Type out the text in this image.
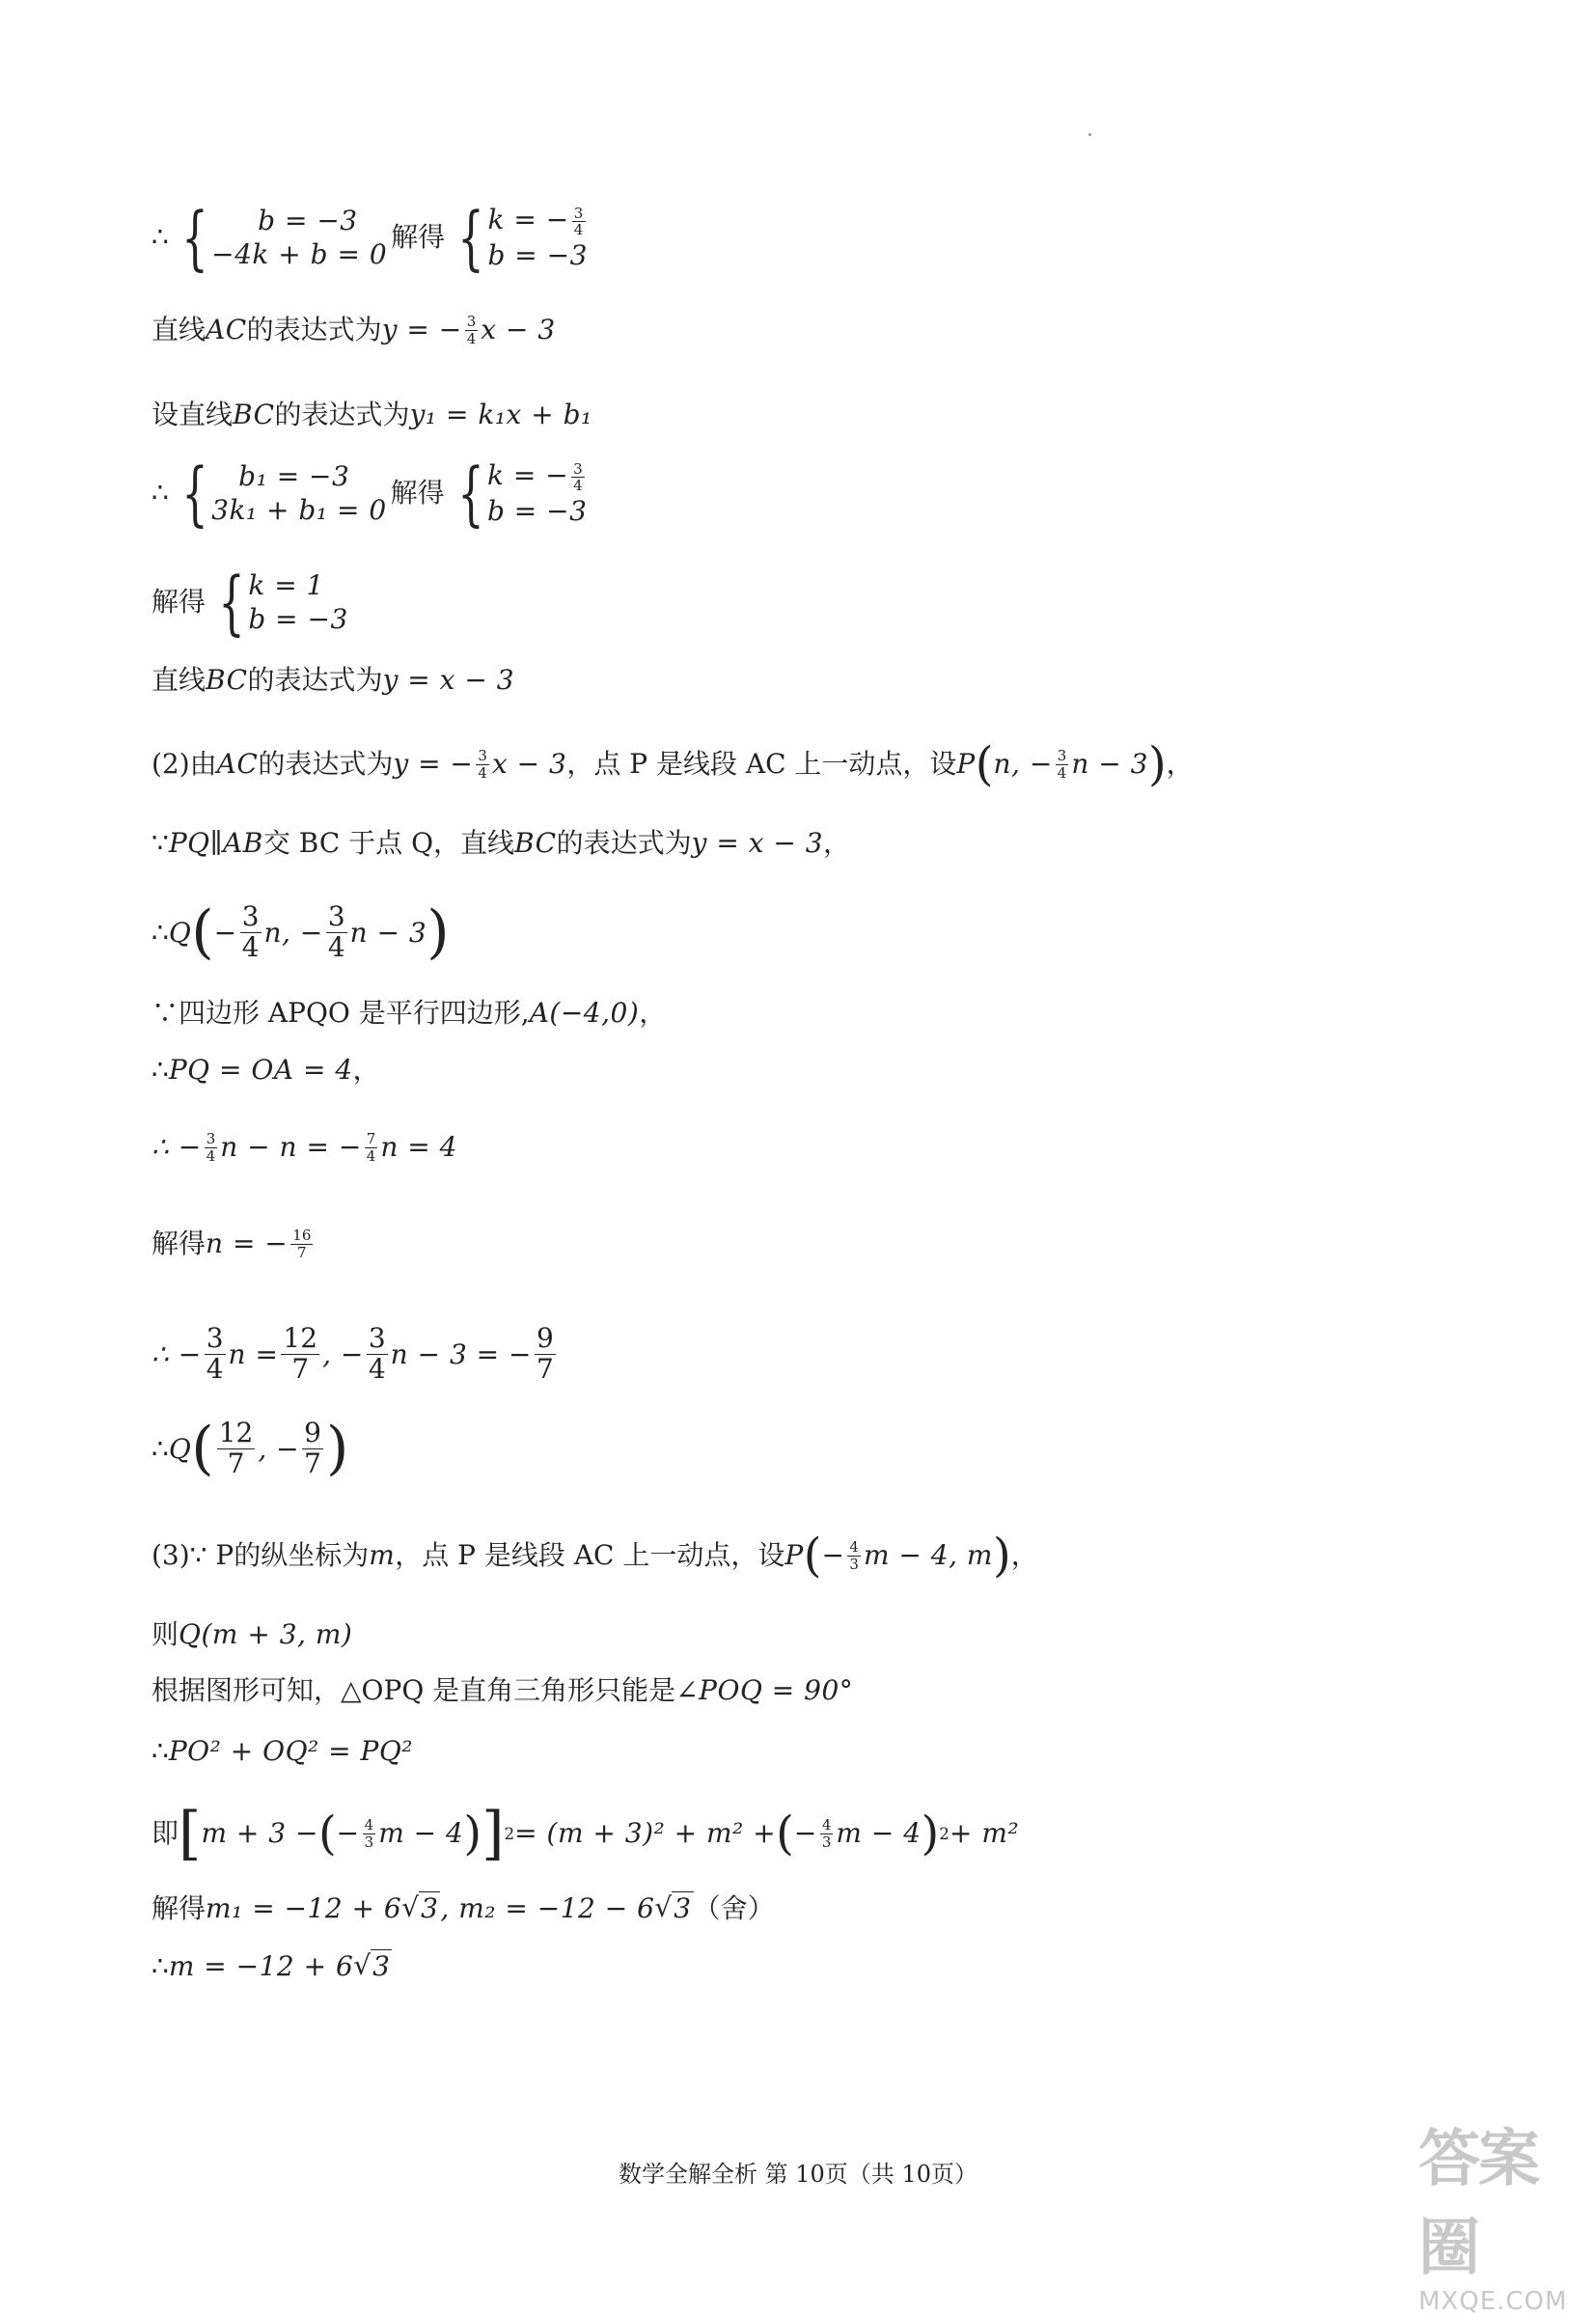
∴ {	b = −3
−4k + b = 0
解得 { k = − $\frac{3}{4}$
b = −3
直线 AC 的表达式为 y = − $\frac{3}{4}$ x − 3
设直线 BC 的表达式为 y₁ = k₁x + b₁
∴ {	b₁ = −3
3k₁ + b₁ = 0
解得 { k = − $\frac{3}{4}$
b = −3
解得 { k = 1
b = −3
直线 BC 的表达式为 y = x − 3
(2)由 AC 的表达式为 y = − $\frac{3}{4}$ x − 3 ，点 P 是线段 AC 上一动点，设 P ( n, − $\frac{3}{4}$ n − 3 ) ，
∵ PQ∥AB 交 BC 于点 Q，直线 BC 的表达式为 y = x − 3 ，
∴ Q ( − $\frac{3}{4} n$, − $\frac{3}{4}$ n − 3 )
∵四边形 APQO 是平行四边形, A(−4,0) ，
∴ PQ = OA = 4 ，
∴ − $\frac{3}{4}$ n − n = − $\frac{7}{4}$ n = 4
解得 n = − $\frac{16}{7}$
∴ − $\frac{3}{4}$ $n = \frac{12}{7}$ , − $\frac{3}{4}$ n − 3 = − $\frac{9}{7}$
∴ Q ( $\frac{12}{7}$ , − $\frac{9}{7}$ )
(3)∵ P的纵坐标为 m ，点 P 是线段 AC 上一动点，设 P ( − $\frac{4}{3}$ m − 4, m ) ，
则 Q(m + 3, m)
根据图形可知，△OPQ 是直角三角形只能是 ∠POQ = 90°
∴ PO² + OQ² = PQ²
即 [ m + 3 − ( − $\frac{4}{3}$ m − 4 ) ] 2 = (m + 3)² + m² + ( − $\frac{4}{3}$ m − 4 ) 2 + m²
解得 m₁ = −12 + 6 √ 3 , m₂ = −12 − 6 √ 3 （舍）
∴ m = −12 + 6 √ 3
数学全解全析 第 10页（共 10页）	答案圈
MXQE.COM
